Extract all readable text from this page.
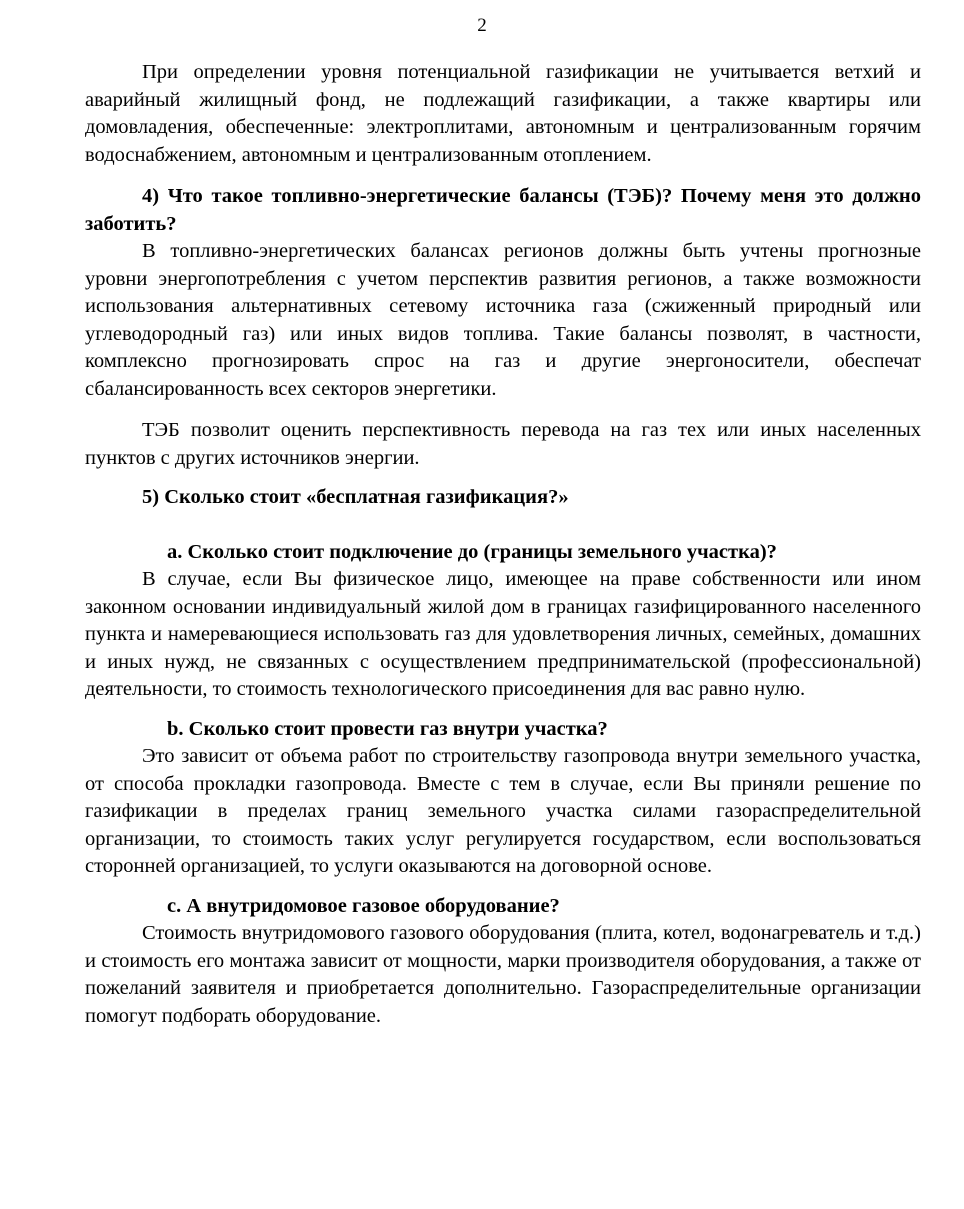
2

При определении уровня потенциальной газификации не учитывается ветхий и аварийный жилищный фонд, не подлежащий газификации, а также квартиры или домовладения, обеспеченные: электроплитами, автономным и централизованным горячим водоснабжением, автономным и централизованным отоплением.

4) Что такое топливно-энергетические балансы (ТЭБ)? Почему меня это должно заботить?

В топливно-энергетических балансах регионов должны быть учтены прогнозные уровни энергопотребления с учетом перспектив развития регионов, а также возможности использования альтернативных сетевому источника газа (сжиженный природный или углеводородный газ) или иных видов топлива. Такие балансы позволят, в частности, комплексно прогнозировать спрос на газ и другие энергоносители, обеспечат сбалансированность всех секторов энергетики.

ТЭБ позволит оценить перспективность перевода на газ тех или иных населенных пунктов с других источников энергии.

5) Сколько стоит «бесплатная газификация?»
a. Сколько стоит подключение до (границы земельного участка)?

В случае, если Вы физическое лицо, имеющее на праве собственности или ином законном основании индивидуальный жилой дом в границах газифицированного населенного пункта и намеревающиеся использовать газ для удовлетворения личных, семейных, домашних и иных нужд, не связанных с осуществлением предпринимательской (профессиональной) деятельности, то стоимость технологического присоединения для вас равно нулю.

b. Сколько стоит провести газ внутри участка?

Это зависит от объема работ по строительству газопровода внутри земельного участка, от способа прокладки газопровода. Вместе с тем в случае, если Вы приняли решение по газификации в пределах границ земельного участка силами газораспределительной организации, то стоимость таких услуг регулируется государством, если воспользоваться сторонней организацией, то услуги оказываются на договорной основе.

c. А внутридомовое газовое оборудование?

Стоимость внутридомового газового оборудования (плита, котел, водонагреватель и т.д.) и стоимость его монтажа зависит от мощности, марки производителя оборудования, а также от пожеланий заявителя и приобретается дополнительно. Газораспределительные организации помогут подборать оборудование.
